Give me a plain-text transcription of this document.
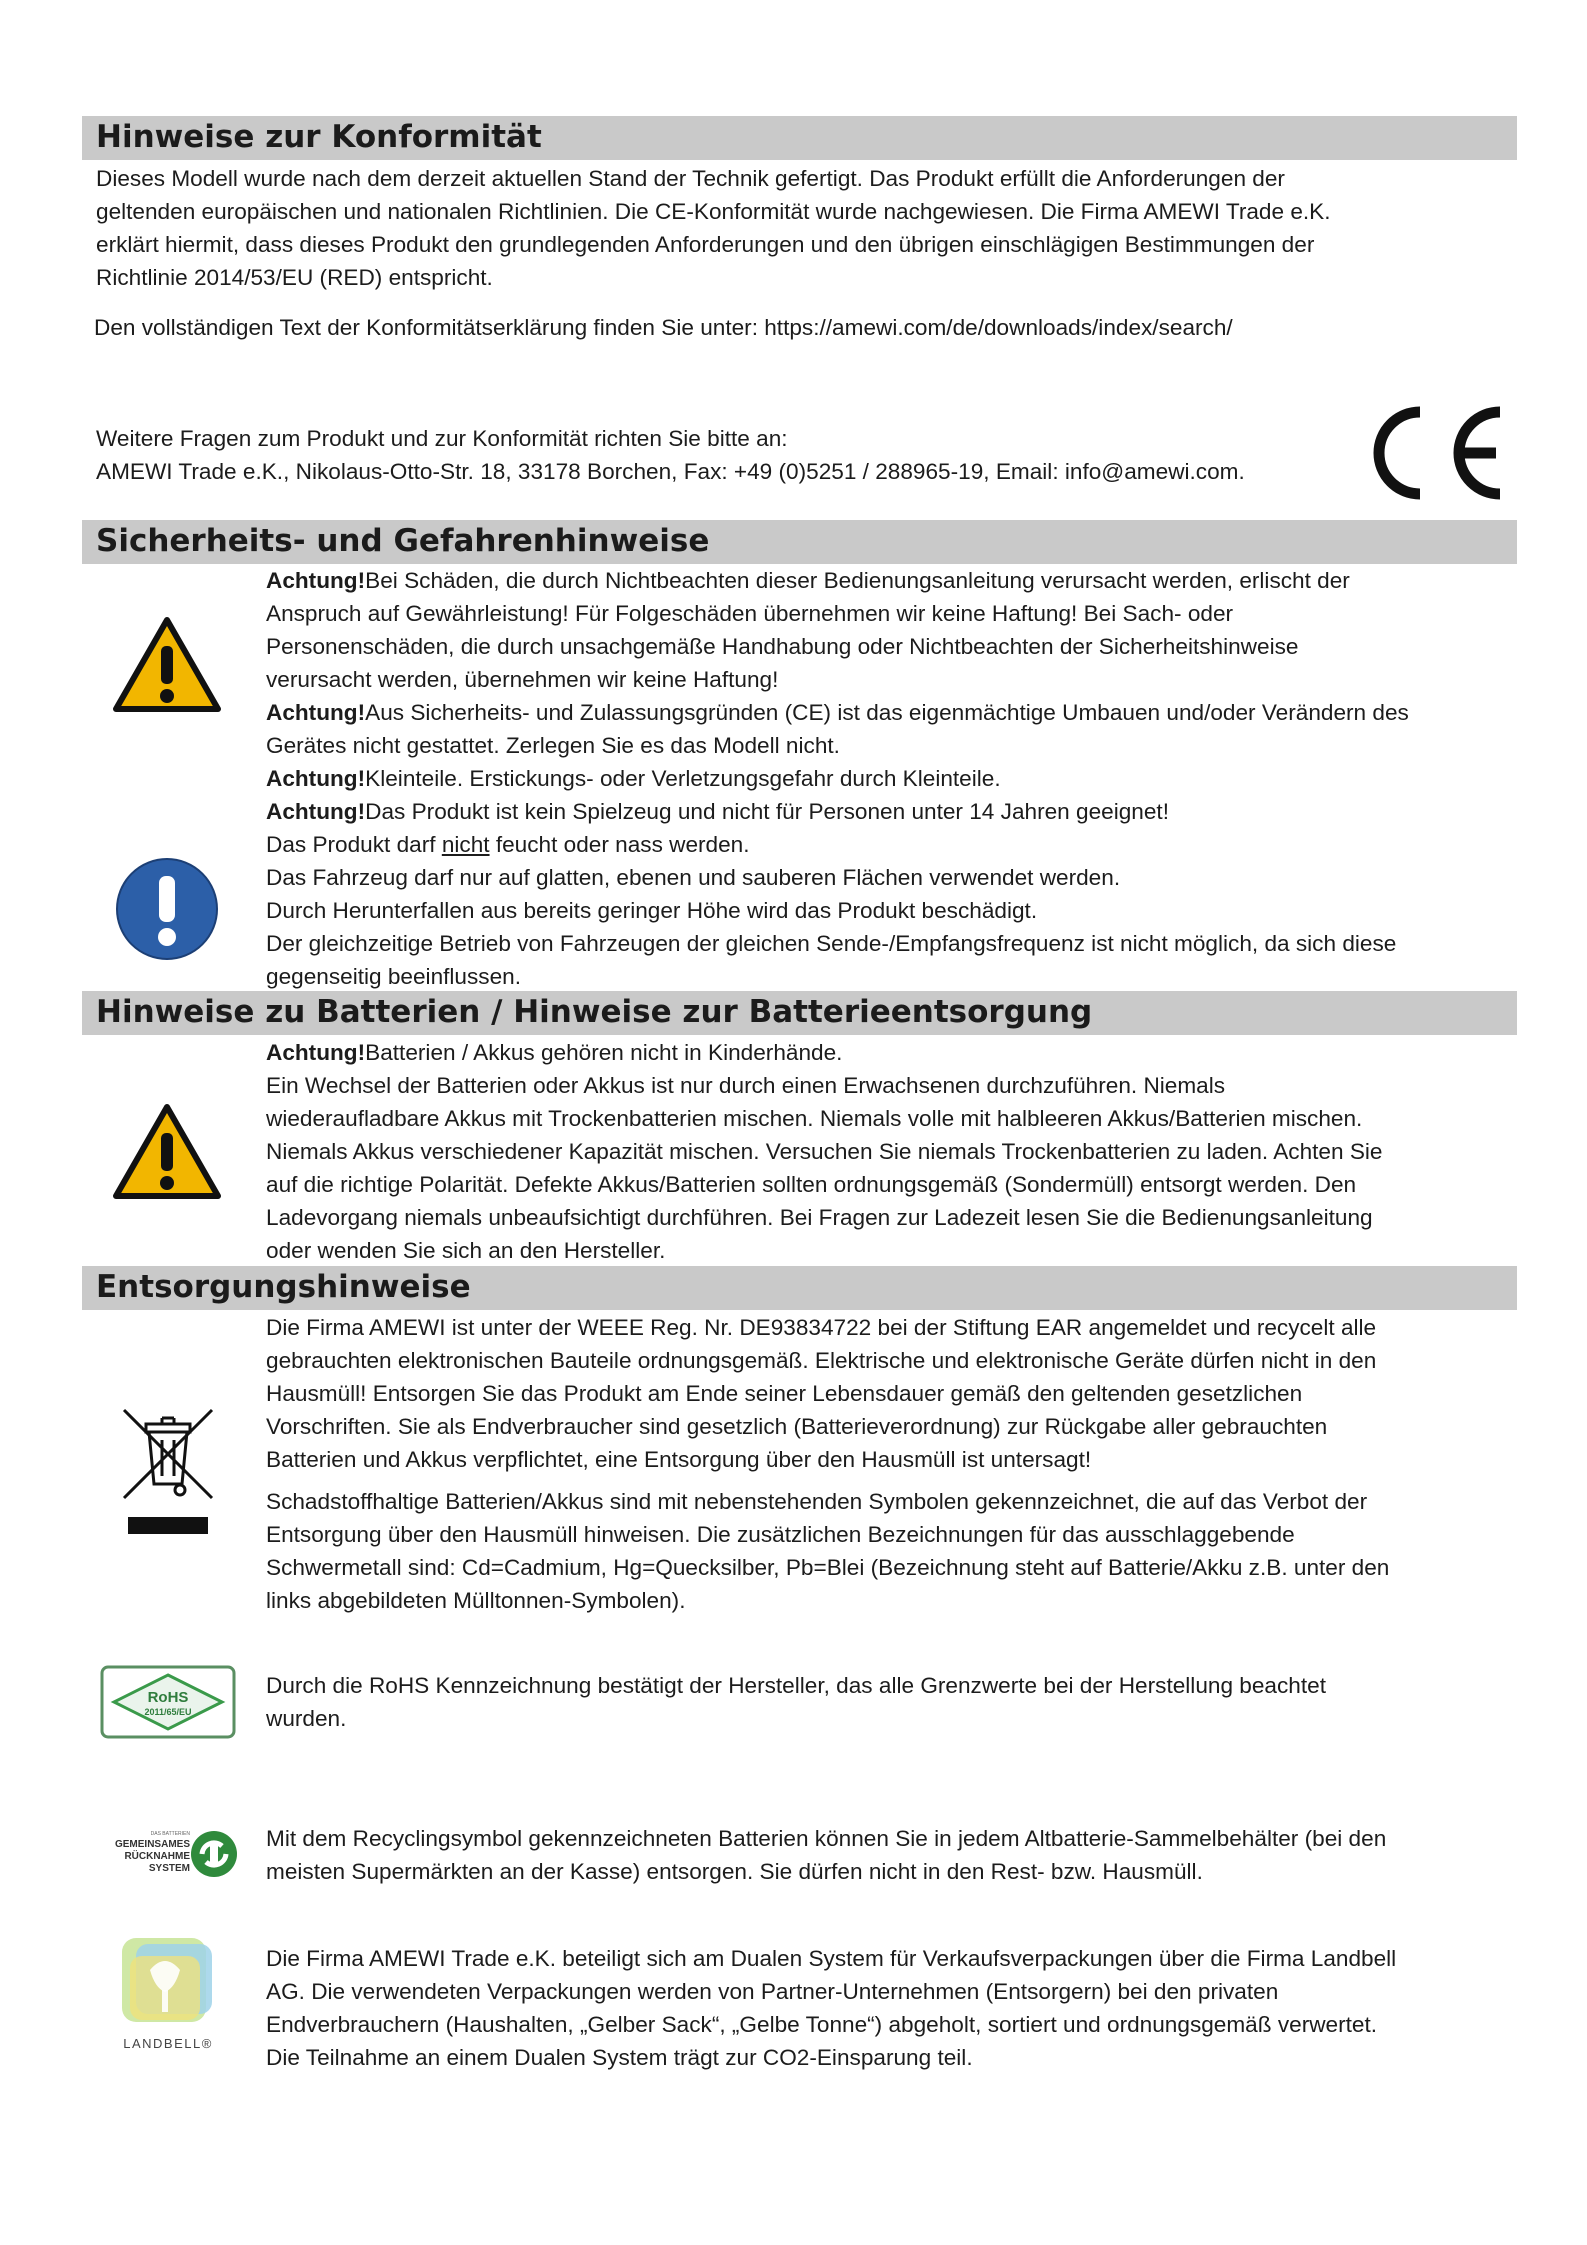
Hinweise zur Konformität
Dieses Modell wurde nach dem derzeit aktuellen Stand der Technik gefertigt. Das Produkt erfüllt die Anforderungen der
geltenden europäischen und nationalen Richtlinien. Die CE-Konformität wurde nachgewiesen. Die Firma AMEWI Trade e.K.
erklärt hiermit, dass dieses Produkt den grundlegenden Anforderungen und den übrigen einschlägigen Bestimmungen der
Richtlinie 2014/53/EU (RED) entspricht.
Den vollständigen Text der Konformitätserklärung finden Sie unter: https://amewi.com/de/downloads/index/search/
Weitere Fragen zum Produkt und zur Konformität richten Sie bitte an:
AMEWI Trade e.K., Nikolaus-Otto-Str. 18, 33178 Borchen, Fax: +49 (0)5251 / 288965-19, Email: info@amewi.com.
Sicherheits- und Gefahrenhinweise
Achtung!Bei Schäden, die durch Nichtbeachten dieser Bedienungsanleitung verursacht werden, erlischt der
Anspruch auf Gewährleistung! Für Folgeschäden übernehmen wir keine Haftung! Bei Sach- oder
Personenschäden, die durch unsachgemäße Handhabung oder Nichtbeachten der Sicherheitshinweise
verursacht werden, übernehmen wir keine Haftung!
Achtung!Aus Sicherheits- und Zulassungsgründen (CE) ist das eigenmächtige Umbauen und/oder Verändern des
Gerätes nicht gestattet. Zerlegen Sie es das Modell nicht.
Achtung!Kleinteile. Erstickungs- oder Verletzungsgefahr durch Kleinteile.
Achtung!Das Produkt ist kein Spielzeug und nicht für Personen unter 14 Jahren geeignet!
Das Produkt darf nicht feucht oder nass werden.
Das Fahrzeug darf nur auf glatten, ebenen und sauberen Flächen verwendet werden.
Durch Herunterfallen aus bereits geringer Höhe wird das Produkt beschädigt.
Der gleichzeitige Betrieb von Fahrzeugen der gleichen Sende-/Empfangsfrequenz ist nicht möglich, da sich diese
gegenseitig beeinflussen.
Hinweise zu Batterien / Hinweise zur Batterieentsorgung
Achtung!Batterien / Akkus gehören nicht in Kinderhände.
Ein Wechsel der Batterien oder Akkus ist nur durch einen Erwachsenen durchzuführen. Niemals
wiederaufladbare Akkus mit Trockenbatterien mischen. Niemals volle mit halbleeren Akkus/Batterien mischen.
Niemals Akkus verschiedener Kapazität mischen. Versuchen Sie niemals Trockenbatterien zu laden. Achten Sie
auf die richtige Polarität. Defekte Akkus/Batterien sollten ordnungsgemäß (Sondermüll) entsorgt werden. Den
Ladevorgang niemals unbeaufsichtigt durchführen. Bei Fragen zur Ladezeit lesen Sie die Bedienungsanleitung
oder wenden Sie sich an den Hersteller.
Entsorgungshinweise
Die Firma AMEWI ist unter der WEEE Reg. Nr. DE93834722 bei der Stiftung EAR angemeldet und recycelt alle
gebrauchten elektronischen Bauteile ordnungsgemäß. Elektrische und elektronische Geräte dürfen nicht in den
Hausmüll! Entsorgen Sie das Produkt am Ende seiner Lebensdauer gemäß den geltenden gesetzlichen
Vorschriften. Sie als Endverbraucher sind gesetzlich (Batterieverordnung) zur Rückgabe aller gebrauchten
Batterien und Akkus verpflichtet, eine Entsorgung über den Hausmüll ist untersagt!
Schadstoffhaltige Batterien/Akkus sind mit nebenstehenden Symbolen gekennzeichnet, die auf das Verbot der
Entsorgung über den Hausmüll hinweisen. Die zusätzlichen Bezeichnungen für das ausschlaggebende
Schwermetall sind: Cd=Cadmium, Hg=Quecksilber, Pb=Blei (Bezeichnung steht auf Batterie/Akku z.B. unter den
links abgebildeten Mülltonnen-Symbolen).
RoHS
2011/65/EU
Durch die RoHS Kennzeichnung bestätigt der Hersteller, das alle Grenzwerte bei der Herstellung beachtet
wurden.
DAS BATTERIEN
GEMEINSAMES
RÜCKNAHME
SYSTEM
Mit dem Recyclingsymbol gekennzeichneten Batterien können Sie in jedem Altbatterie-Sammelbehälter (bei den
meisten Supermärkten an der Kasse) entsorgen. Sie dürfen nicht in den Rest- bzw. Hausmüll.
LANDBELL®
Die Firma AMEWI Trade e.K. beteiligt sich am Dualen System für Verkaufsverpackungen über die Firma Landbell
AG. Die verwendeten Verpackungen werden von Partner-Unternehmen (Entsorgern) bei den privaten
Endverbrauchern (Haushalten, „Gelber Sack“, „Gelbe Tonne“) abgeholt, sortiert und ordnungsgemäß verwertet.
Die Teilnahme an einem Dualen System trägt zur CO2-Einsparung teil.
